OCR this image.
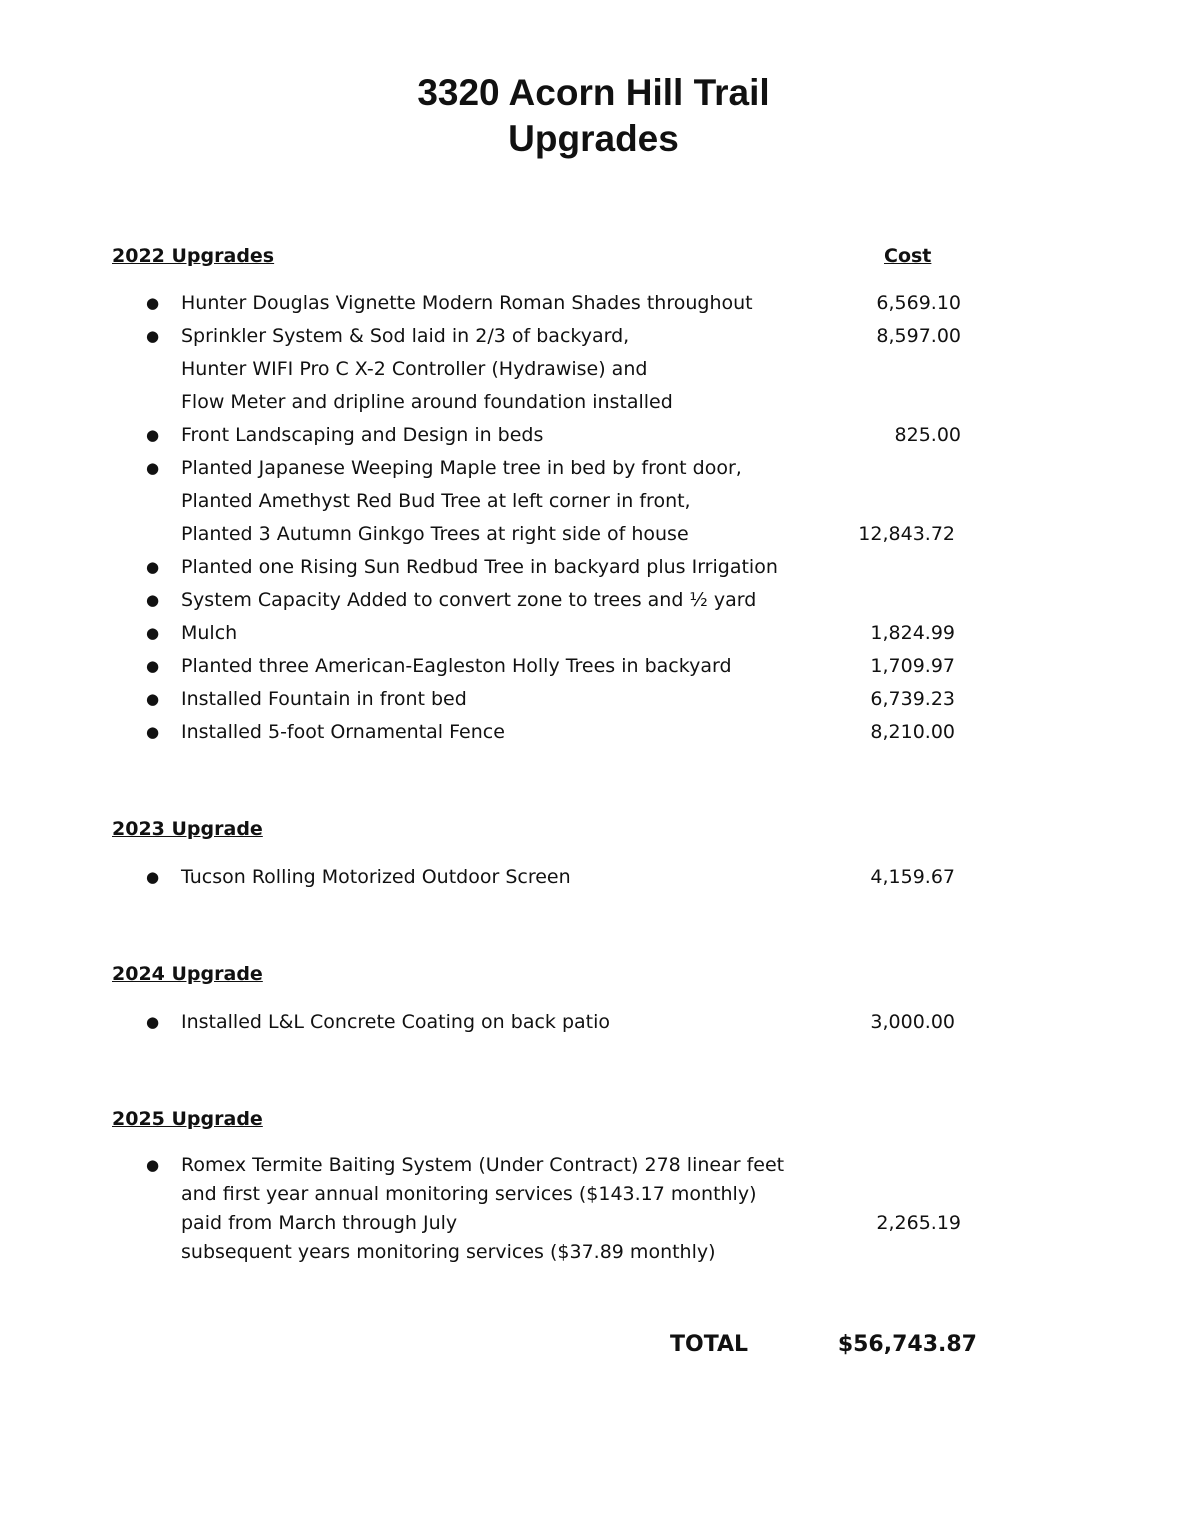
3320 Acorn Hill Trail
Upgrades
2022 Upgrades	Cost
● Hunter Douglas Vignette Modern Roman Shades throughout	6,569.10
● Sprinkler System & Sod laid in 2/3 of backyard,	8,597.00
Hunter WIFI Pro C X-2 Controller (Hydrawise) and
Flow Meter and dripline around foundation installed
● Front Landscaping and Design in beds	825.00
● Planted Japanese Weeping Maple tree in bed by front door,
Planted Amethyst Red Bud Tree at left corner in front,
Planted 3 Autumn Ginkgo Trees at right side of house	12,843.72
● Planted one Rising Sun Redbud Tree in backyard plus Irrigation
● System Capacity Added to convert zone to trees and ½ yard
● Mulch	1,824.99
● Planted three American-Eagleston Holly Trees in backyard	1,709.97
● Installed Fountain in front bed	6,739.23
● Installed 5-foot Ornamental Fence	8,210.00
2023 Upgrade
● Tucson Rolling Motorized Outdoor Screen	4,159.67
2024 Upgrade
● Installed L&L Concrete Coating on back patio	3,000.00
2025 Upgrade
● Romex Termite Baiting System (Under Contract) 278 linear feet
and first year annual monitoring services ($143.17 monthly)
paid from March through July	2,265.19
subsequent years monitoring services ($37.89 monthly)
TOTAL	$56,743.87
